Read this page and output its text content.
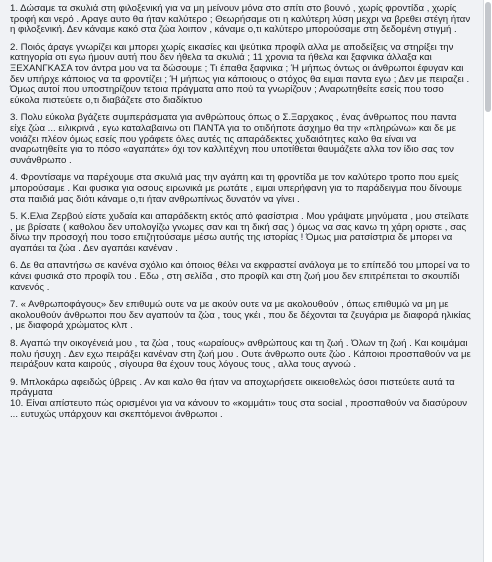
1. Δώσαμε τα σκυλιά στη φιλοξενική για να μη μείνουν μόνα στο σπίτι στο βουνό , χωρίς φροντίδα , χωρίς τροφή και νερό . Αραγε αυτο θα ήταν καλύτερο ; Θεωρήσαμε οτι η καλύτερη λύση μεχρι να βρεθει στέγη ήταν η φιλοξενική. Δεν κάναμε κακό στα ζώα λοιπον , κάναμε ο,τι καλύτερο μπορούσαμε στη δεδομένη στιγμή .

2. Ποιός άραγε γνωρίζει και μπορει χωρίς εικασίες και ψεύτικα προφίλ αλλα με αποδείξεις να στηρίξει την κατηγορία οτι εγω ήμουν αυτή που δεν ήθελα τα σκυλιά ; 11 χρονια τα ήθελα και ξαφνικα άλλαξα και ΞΕΧΑΝΓΚΑΣΑ τον άντρα μου να τα δώσουμε ; Τι έπαθα ξαφνικα ; Ή μήπως όντως οι άνθρωποι έφυγαν και δεν υπήρχε κάποιος να τα φροντίζει ; Ή μήπως για κάποιους ο στόχος θα ειμαι παντα εγω ; Δεν με πειραζει . Όμως αυτοί που υποστηρίζουν τετοια πράγματα απο πού τα γνωρίζουν ; Αναρωτηθείτε εσείς που τοσο εύκολα πιστεύετε ο,τι διαβάζετε στο διαδίκτυο

3. Πολυ εύκολα βγάζετε συμπεράσματα για ανθρώπους όπως ο Σ.Ξαρχακος , ένας άνθρωπος που παντα είχε ζώα ... ειλικρινά , εγω καταλαβαινω οτι ΠΑΝΤΑ για το οτιδήποτε άσχημο θα την «πληρώνω» και δε με νοιάζει πλέον όμως εσείς που γράφετε όλες αυτές τις απαράδεκτες χυδαιότητες καλο θα είναι να αναρωτηθείτε για το πόσο «αγαπάτε» όχι τον καλλιτέχνη που υποτίθεται θαυμάζετε αλλα τον ίδιο σας τον συνάνθρωπο .

4. Φροντίσαμε να παρέχουμε στα σκυλιά μας την αγάπη και τη φροντίδα με τον καλύτερο τροπο που εμείς μπορούσαμε . Και φυσικα για οσους ειρωνικά με ρωτάτε , ειμαι υπερήφανη για το παράδειγμα που δίνουμε στα παιδιά μας διότι κάναμε ο,τι ήταν ανθρωπίνως δυνατόν να γίνει .

5. Κ.Ελια Ζερβού είστε χυδαία και απαράδεκτη εκτός από φασίστρια . Μου γράψατε μηνύματα , μου στείλατε , με βρίσατε ( καθολου δεν υπολογίζω γνωμες σαν και τη δική σας ) όμως να σας κανω τη χάρη οριστε , σας δίνω την προσοχή που τοσο επιζητούσαμε μέσω αυτής της ιστορίας ! Όμως μια ρατσίστρια δε μπορει να αγαπάει τα ζώα . Δεν αγαπάει κανέναν .

6. Δε θα απαντήσω σε κανένα σχόλιο και όποιος θέλει να εκφραστεί ανάλογα με το επίπεδό του μπορεί να το κάνει φυσικά στο προφίλ του . Εδω , στη σελίδα , στο προφίλ και στη ζωή μου δεν επιτρέπεται το σκουπίδι κανενός .

7. « Ανθρωποφάγους» δεν επιθυμώ ουτε να με ακούν ουτε να με ακολουθούν , όπως επιθυμώ να μη με ακολουθούν άνθρωποι που δεν αγαπούν τα ζώα , τους γκέι , που δε δέχονται τα ζευγάρια με διαφορά ηλικίας , με διαφορά χρώματος κλπ .

8. Αγαπώ την οικογένειά μου , τα ζώα , τους «ωραίους» ανθρώπους και τη ζωή . Όλων τη ζωή . Και κοιμάμαι πολυ ήσυχη . Δεν εχω πειράξει κανέναν στη ζωή μου . Ουτε άνθρωπο ουτε ζώο . Κάποιοι προσπαθούν να με πειράξουν κατα καιρούς , σίγουρα θα έχουν τους λόγους τους , αλλα τους αγνοώ .

9. Μπλοκάρω αφειδώς ύβρεις . Αν και καλο θα ήταν να αποχωρήσετε οικειοθελώς όσοι πιστεύετε αυτά τα πράγματα

10. Είναι απίστευτο πώς ορισμένοι για να κάνουν το «κομμάτι» τους στα social , προσπαθούν να διασύρουν ... ευτυχώς υπάρχουν και σκεπτόμενοι άνθρωποι .
